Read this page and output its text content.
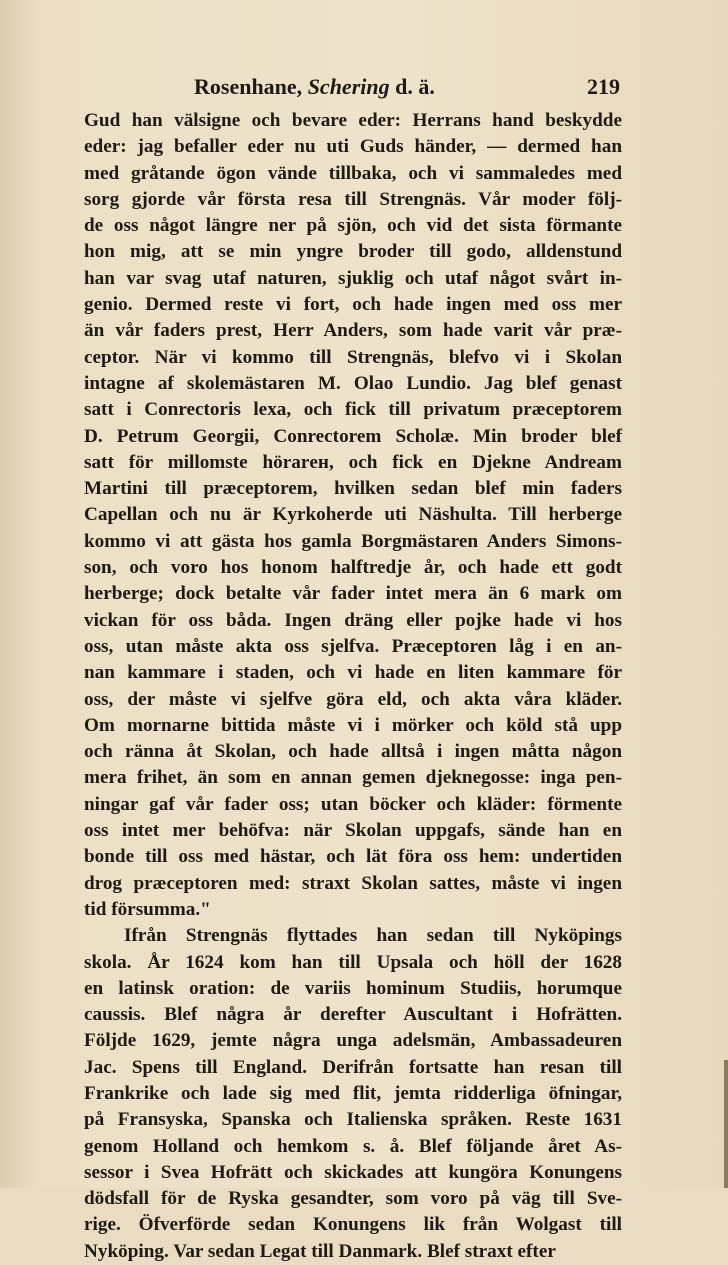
Rosenhane, Schering d. ä.	219
Gud han välsigne och bevare eder: Herrans hand beskydde
eder: jag befaller eder nu uti Guds händer, — dermed han
med gråtande ögon vände tillbaka, och vi sammaledes med
sorg gjorde vår första resa till Strengnäs. Vår moder följ-
de oss något längre ner på sjön, och vid det sista förmante
hon mig, att se min yngre broder till godo, alldenstund
han var svag utaf naturen, sjuklig och utaf något svårt in-
genio. Dermed reste vi fort, och hade ingen med oss mer
än vår faders prest, Herr Anders, som hade varit vår præ-
ceptor. När vi kommo till Strengnäs, blefvo vi i Skolan
intagne af skolemästaren M. Olao Lundio. Jag blef genast
satt i Conrectoris lexa, och fick till privatum præceptorem
D. Petrum Georgii, Conrectorem Scholæ. Min broder blef
satt för millomste hörarен, och fick en Djekne Andream
Martini till præceptorem, hvilken sedan blef min faders
Capellan och nu är Kyrkoherde uti Näshulta. Till herberge
kommo vi att gästa hos gamla Borgmästaren Anders Simons-
son, och voro hos honom halftredje år, och hade ett godt
herberge; dock betalte vår fader intet mera än 6 mark om
vickan för oss båda. Ingen dräng eller pojke hade vi hos
oss, utan måste akta oss sjelfva. Præceptoren låg i en an-
nan kammare i staden, och vi hade en liten kammare för
oss, der måste vi sjelfve göra eld, och akta våra kläder.
Om mornarne bittida måste vi i mörker och köld stå upp
och ränna åt Skolan, och hade alltså i ingen måtta någon
mera frihet, än som en annan gemen djeknegosse: inga pen-
ningar gaf vår fader oss; utan böcker och kläder: förmente
oss intet mer behöfva: när Skolan uppgafs, sände han en
bonde till oss med hästar, och lät föra oss hem: undertiden
drog præceptoren med: straxt Skolan sattes, måste vi ingen
tid försumma."
Ifrån Strengnäs flyttades han sedan till Nyköpings
skola. År 1624 kom han till Upsala och höll der 1628
en latinsk oration: de variis hominum Studiis, horumque
caussis. Blef några år derefter Auscultant i Hofrätten.
Följde 1629, jemte några unga adelsmän, Ambassadeuren
Jac. Spens till England. Derifrån fortsatte han resan till
Frankrike och lade sig med flit, jemta ridderliga öfningar,
på Fransyska, Spanska och Italienska språken. Reste 1631
genom Holland och hemkom s. å. Blef följande året As-
sessor i Svea Hofrätt och skickades att kungöra Konungens
dödsfall för de Ryska gesandter, som voro på väg till Sve-
rige. Öfverförde sedan Konungens lik från Wolgast till
Nyköping. Var sedan Legat till Danmark. Blef straxt efter
